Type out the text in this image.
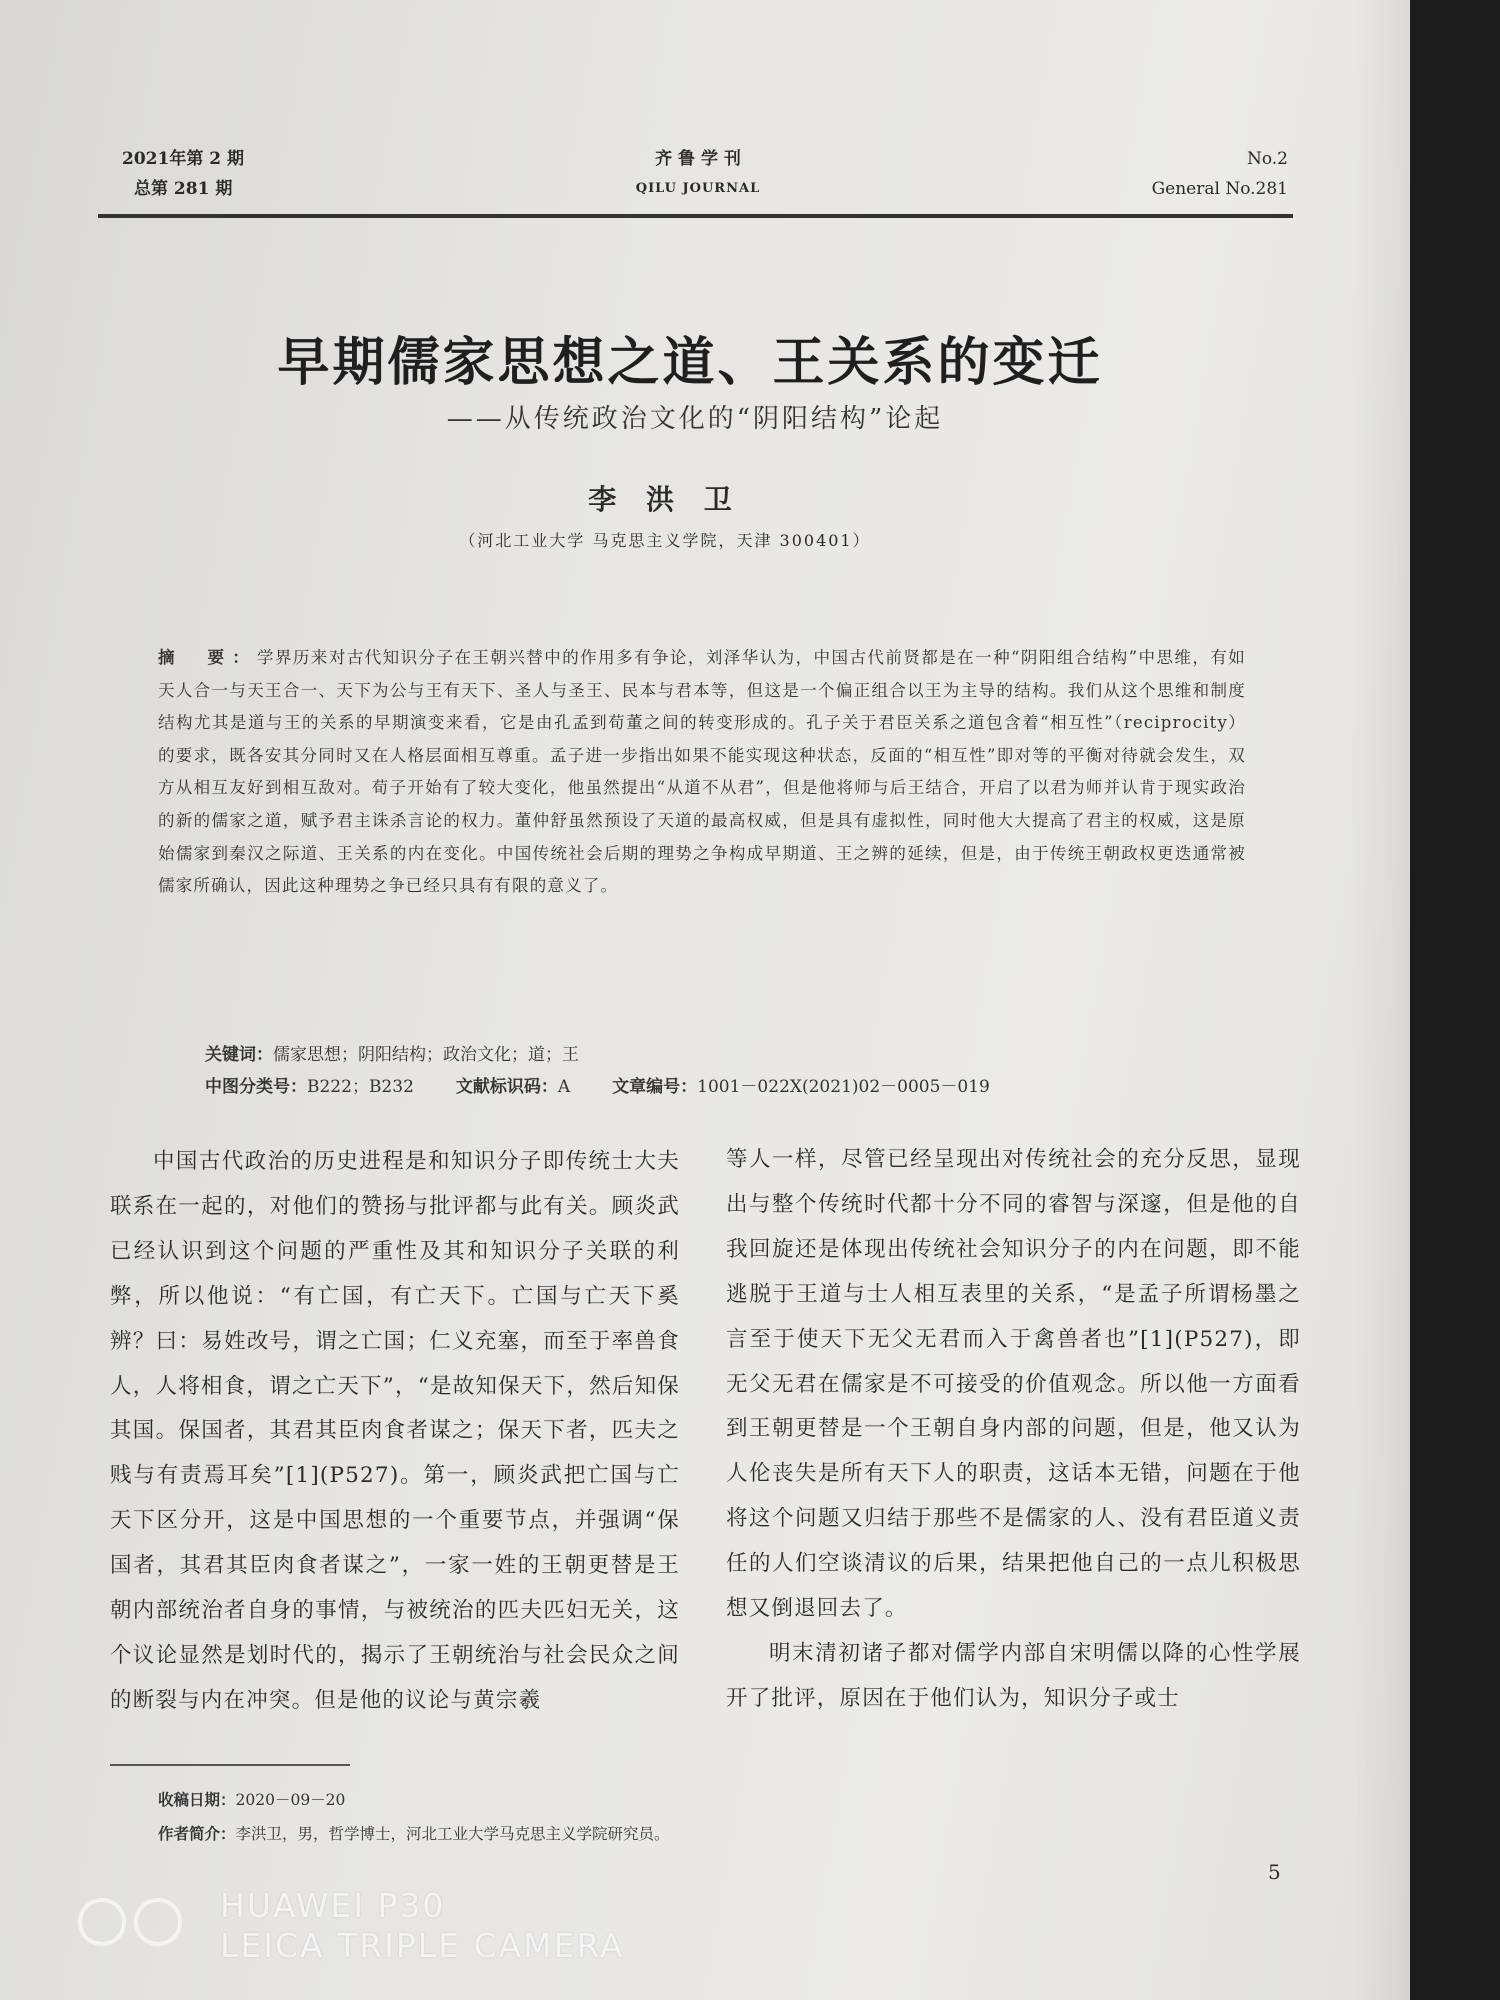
2021年第 2 期
总第 281 期
齐 鲁 学 刊
QILU JOURNAL
No.2
General No.281
早期儒家思想之道、王关系的变迁
——从传统政治文化的“阴阳结构”论起
李 洪 卫
（河北工业大学 马克思主义学院，天津 300401）
摘　要：学界历来对古代知识分子在王朝兴替中的作用多有争论，刘泽华认为，中国古代前贤都是在一种“阴阳组合结构”中思维，有如天人合一与天王合一、天下为公与王有天下、圣人与圣王、民本与君本等，但这是一个偏正组合以王为主导的结构。我们从这个思维和制度结构尤其是道与王的关系的早期演变来看，它是由孔孟到荀董之间的转变形成的。孔子关于君臣关系之道包含着“相互性”（reciprocity）的要求，既各安其分同时又在人格层面相互尊重。孟子进一步指出如果不能实现这种状态，反面的“相互性”即对等的平衡对待就会发生，双方从相互友好到相互敌对。荀子开始有了较大变化，他虽然提出“从道不从君”，但是他将师与后王结合，开启了以君为师并认肯于现实政治的新的儒家之道，赋予君主诛杀言论的权力。董仲舒虽然预设了天道的最高权威，但是具有虚拟性，同时他大大提高了君主的权威，这是原始儒家到秦汉之际道、王关系的内在变化。中国传统社会后期的理势之争构成早期道、王之辨的延续，但是，由于传统王朝政权更迭通常被儒家所确认，因此这种理势之争已经只具有有限的意义了。
关键词：儒家思想；阴阳结构；政治文化；道；王
中图分类号：B222；B232 文献标识码：A 文章编号：1001－022X(2021)02－0005－019
中国古代政治的历史进程是和知识分子即传统士大夫联系在一起的，对他们的赞扬与批评都与此有关。顾炎武已经认识到这个问题的严重性及其和知识分子关联的利弊，所以他说：“有亡国，有亡天下。亡国与亡天下奚辨？曰：易姓改号，谓之亡国；仁义充塞，而至于率兽食人，人将相食，谓之亡天下”，“是故知保天下，然后知保其国。保国者，其君其臣肉食者谋之；保天下者，匹夫之贱与有责焉耳矣”[1](P527)。第一，顾炎武把亡国与亡天下区分开，这是中国思想的一个重要节点，并强调“保国者，其君其臣肉食者谋之”，一家一姓的王朝更替是王朝内部统治者自身的事情，与被统治的匹夫匹妇无关，这个议论显然是划时代的，揭示了王朝统治与社会民众之间的断裂与内在冲突。但是他的议论与黄宗羲

等人一样，尽管已经呈现出对传统社会的充分反思，显现出与整个传统时代都十分不同的睿智与深邃，但是他的自我回旋还是体现出传统社会知识分子的内在问题，即不能逃脱于王道与士人相互表里的关系，“是孟子所谓杨墨之言至于使天下无父无君而入于禽兽者也”[1](P527)，即无父无君在儒家是不可接受的价值观念。所以他一方面看到王朝更替是一个王朝自身内部的问题，但是，他又认为人伦丧失是所有天下人的职责，这话本无错，问题在于他将这个问题又归结于那些不是儒家的人、没有君臣道义责任的人们空谈清议的后果，结果把他自己的一点儿积极思想又倒退回去了。

明末清初诸子都对儒学内部自宋明儒以降的心性学展开了批评，原因在于他们认为，知识分子或士

收稿日期：2020－09－20
作者简介：李洪卫，男，哲学博士，河北工业大学马克思主义学院研究员。
5
HUAWEI P30
LEICA TRIPLE CAMERA
